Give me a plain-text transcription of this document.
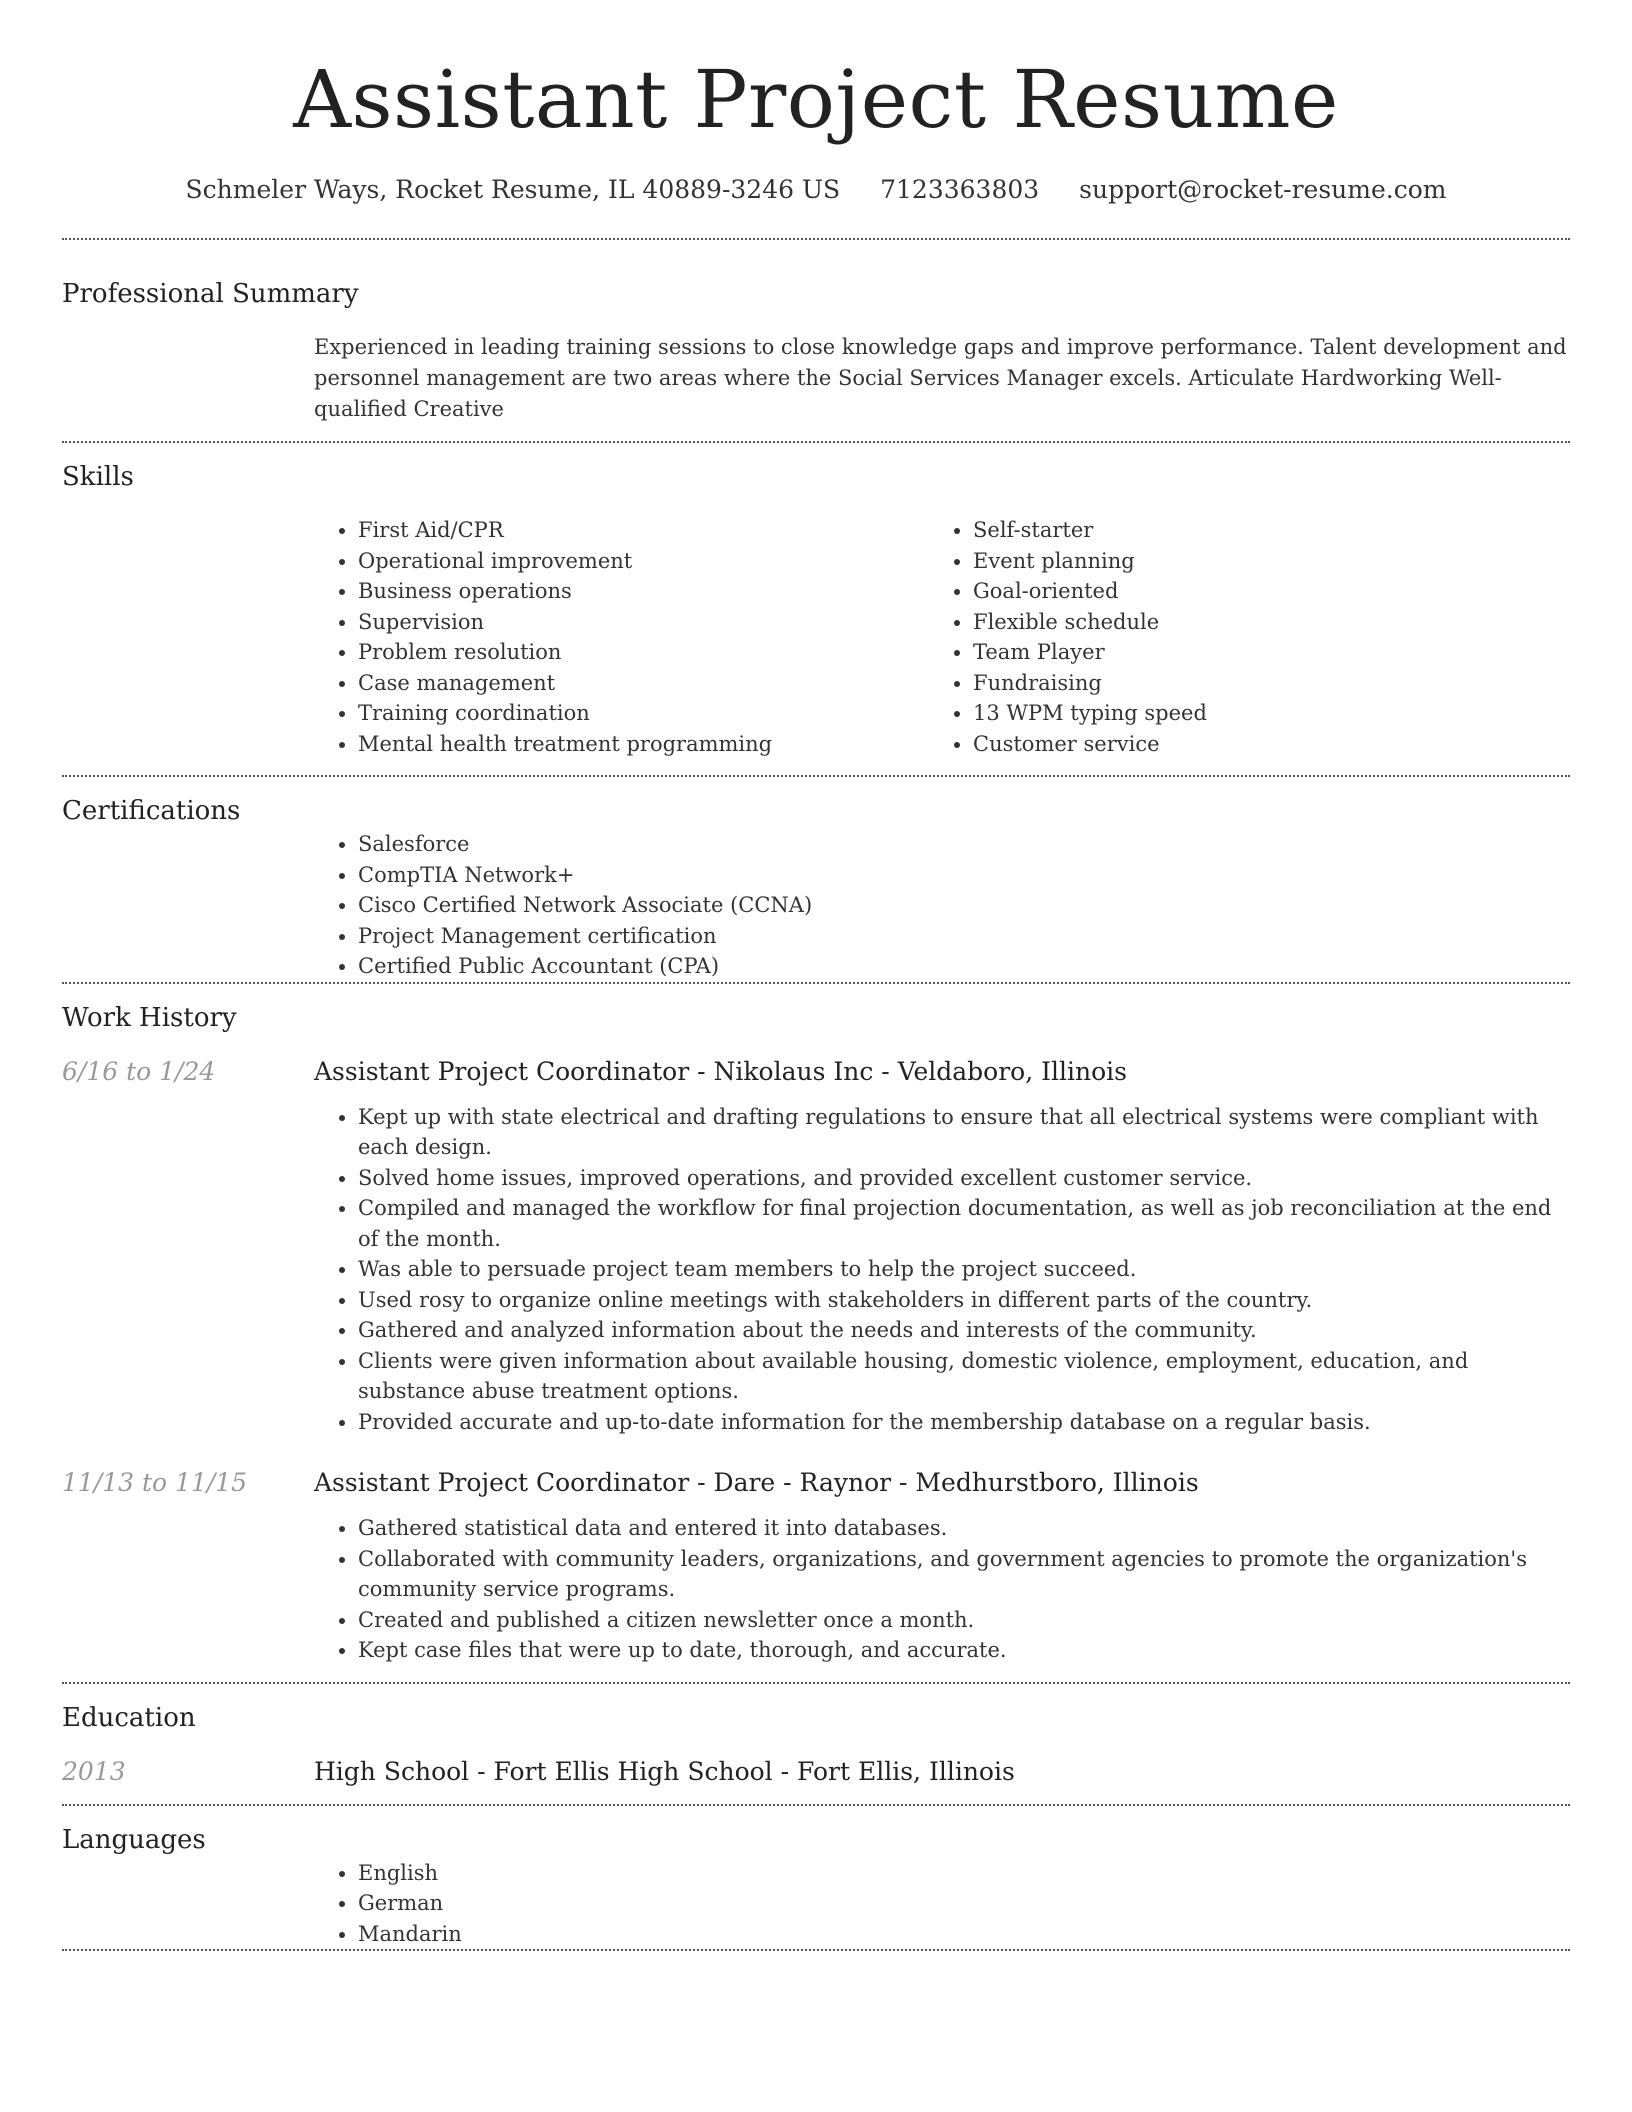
Assistant Project Resume
Schmeler Ways, Rocket Resume, IL 40889-3246 US 7123363803 support@rocket-resume.com
Professional Summary

Experienced in leading training sessions to close knowledge gaps and improve performance. Talent development and personnel management are two areas where the Social Services Manager excels. Articulate Hardworking Well-qualified Creative

Skills
• First Aid/CPR
• Operational improvement
• Business operations
• Supervision
• Problem resolution
• Case management
• Training coordination
• Mental health treatment programming
• Self-starter
• Event planning
• Goal-oriented
• Flexible schedule
• Team Player
• Fundraising
• 13 WPM typing speed
• Customer service
Certifications
• Salesforce
• CompTIA Network+
• Cisco Certified Network Associate (CCNA)
• Project Management certification
• Certified Public Accountant (CPA)
Work History
6/16 to 1/24	Assistant Project Coordinator - Nikolaus Inc - Veldaboro, Illinois
• Kept up with state electrical and drafting regulations to ensure that all electrical systems were compliant with each design.
• Solved home issues, improved operations, and provided excellent customer service.
• Compiled and managed the workflow for final projection documentation, as well as job reconciliation at the end of the month.
• Was able to persuade project team members to help the project succeed.
• Used rosy to organize online meetings with stakeholders in different parts of the country.
• Gathered and analyzed information about the needs and interests of the community.
• Clients were given information about available housing, domestic violence, employment, education, and substance abuse treatment options.
• Provided accurate and up-to-date information for the membership database on a regular basis.
11/13 to 11/15	Assistant Project Coordinator - Dare - Raynor - Medhurstboro, Illinois
• Gathered statistical data and entered it into databases.
• Collaborated with community leaders, organizations, and government agencies to promote the organization's community service programs.
• Created and published a citizen newsletter once a month.
• Kept case files that were up to date, thorough, and accurate.
Education
2013	High School - Fort Ellis High School - Fort Ellis, Illinois
Languages
• English
• German
• Mandarin
